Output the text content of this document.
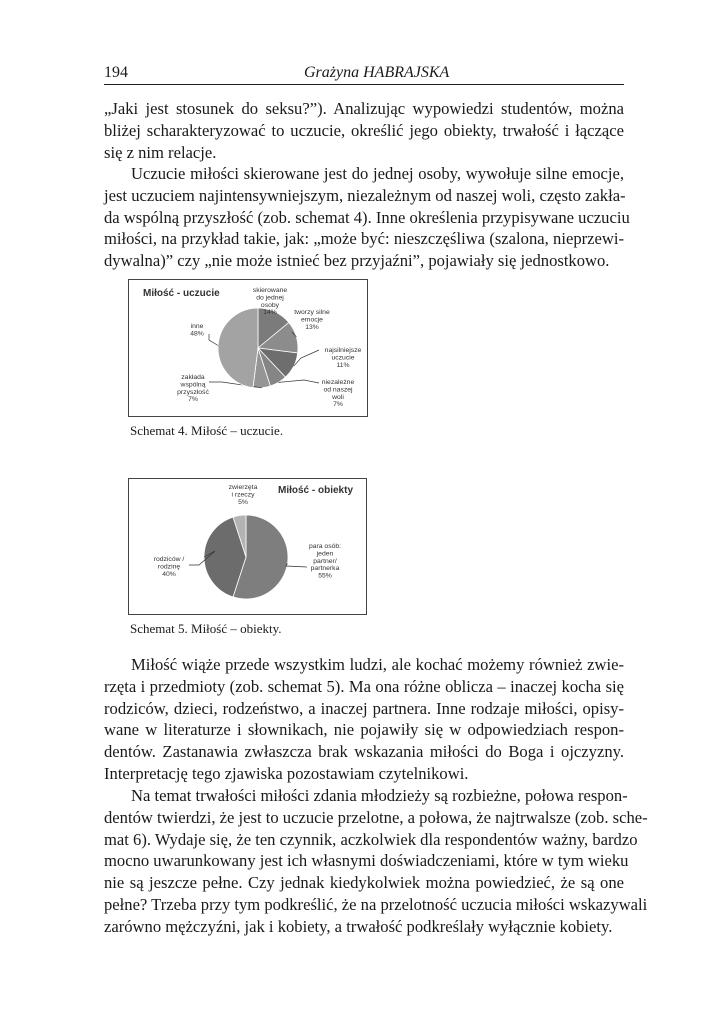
194	Grażyna HABRAJSKA
„Jaki jest stosunek do seksu?”). Analizując wypowiedzi studentów, można
bliżej scharakteryzować to uczucie, określić jego obiekty, trwałość i łączące
się z nim relacje.
Uczucie miłości skierowane jest do jednej osoby, wywołuje silne emocje,
jest uczuciem najintensywniejszym, niezależnym od naszej woli, często zakła-
da wspólną przyszłość (zob. schemat 4). Inne określenia przypisywane uczuciu
miłości, na przykład takie, jak: „może być: nieszczęśliwa (szalona, nieprzewi-
dywalna)” czy „nie może istnieć bez przyjaźni”, pojawiały się jednostkowo.
Miłość - uczucie	skierowane do jednej osoby 14%	tworzy silne emocje 13%
najsilniejsze uczucie 11%
niezależne od naszej woli 7%
zakłada wspólną przyszłość 7%
inne 48%
Schemat 4. Miłość – uczucie.
Miłość - obiekty
para osób: jeden partner/ partnerka 55%
rodziców / rodzinę 40%
zwierzęta i rzeczy 5%
Schemat 5. Miłość – obiekty.
Miłość wiąże przede wszystkim ludzi, ale kochać możemy również zwie-
rzęta i przedmioty (zob. schemat 5). Ma ona różne oblicza – inaczej kocha się
rodziców, dzieci, rodzeństwo, a inaczej partnera. Inne rodzaje miłości, opisy-
wane w literaturze i słownikach, nie pojawiły się w odpowiedziach respon-
dentów. Zastanawia zwłaszcza brak wskazania miłości do Boga i ojczyzny.
Interpretację tego zjawiska pozostawiam czytelnikowi.
Na temat trwałości miłości zdania młodzieży są rozbieżne, połowa respon-
dentów twierdzi, że jest to uczucie przelotne, a połowa, że najtrwalsze (zob. sche-
mat 6). Wydaje się, że ten czynnik, aczkolwiek dla respondentów ważny, bardzo
mocno uwarunkowany jest ich własnymi doświadczeniami, które w tym wieku
nie są jeszcze pełne. Czy jednak kiedykolwiek można powiedzieć, że są one
pełne? Trzeba przy tym podkreślić, że na przelotność uczucia miłości wskazywali
zarówno mężczyźni, jak i kobiety, a trwałość podkreślały wyłącznie kobiety.
